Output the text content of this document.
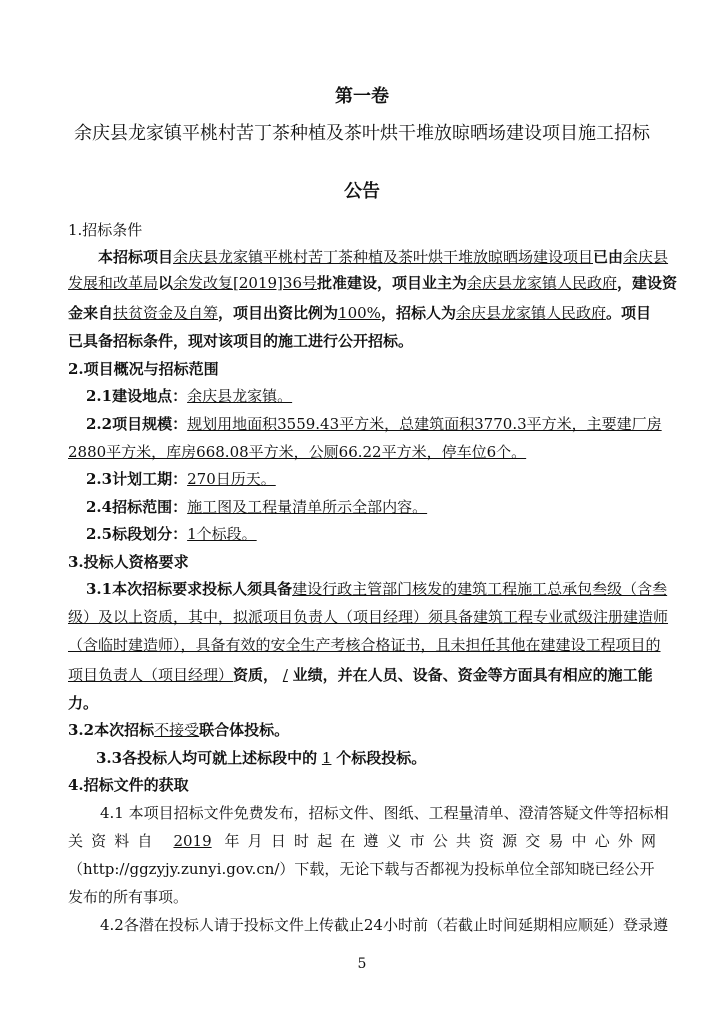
第一卷
余庆县龙家镇平桃村苦丁茶种植及茶叶烘干堆放晾晒场建设项目施工招标
公告
1.招标条件
本招标项目余庆县龙家镇平桃村苦丁茶种植及茶叶烘干堆放晾晒场建设项目已由余庆县
发展和改革局以余发改复[2019]36号批准建设，项目业主为余庆县龙家镇人民政府，建设资
金来自扶贫资金及自筹，项目出资比例为100%，招标人为余庆县龙家镇人民政府。项目
已具备招标条件，现对该项目的施工进行公开招标。
2.项目概况与招标范围
2.1建设地点：余庆县龙家镇。
2.2项目规模：规划用地面积3559.43平方米，总建筑面积3770.3平方米，主要建厂房
2880平方米，库房668.08平方米，公厕66.22平方米，停车位6个。
2.3计划工期：270日历天。
2.4招标范围：施工图及工程量清单所示全部内容。
2.5标段划分：1个标段。
3.投标人资格要求
3.1本次招标要求投标人须具备建设行政主管部门核发的建筑工程施工总承包叁级（含叁
级）及以上资质，其中，拟派项目负责人（项目经理）须具备建筑工程专业贰级注册建造师
（含临时建造师），具备有效的安全生产考核合格证书，且未担任其他在建建设工程项目的
项目负责人（项目经理）资质， / 业绩，并在人员、设备、资金等方面具有相应的施工能
力。
3.2本次招标不接受联合体投标。
3.3各投标人均可就上述标段中的 1 个标段投标。
4.招标文件的获取
4.1 本项目招标文件免费发布，招标文件、图纸、工程量清单、澄清答疑文件等招标相
关资料自 2019 年月日时起在遵义市公共资源交易中心外网
（http://ggzyjy.zunyi.gov.cn/）下载，无论下载与否都视为投标单位全部知晓已经公开
发布的所有事项。
4.2各潜在投标人请于投标文件上传截止24小时前（若截止时间延期相应顺延）登录遵
5
